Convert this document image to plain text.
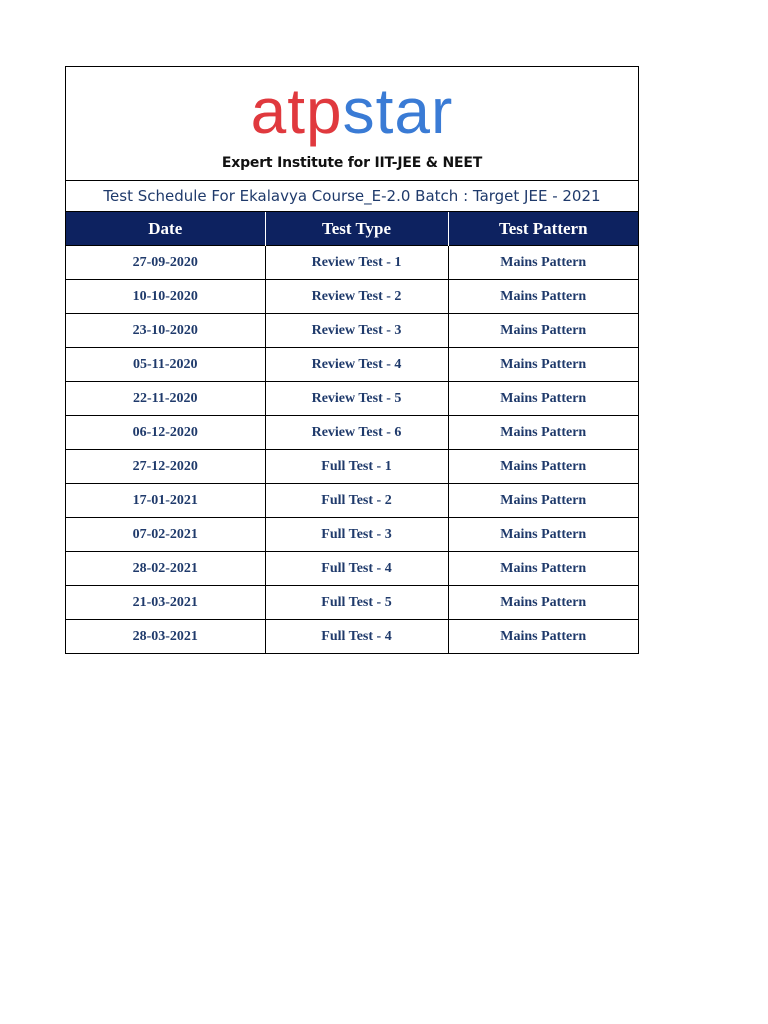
atpstar
Expert Institute for IIT-JEE & NEET
Test Schedule For Ekalavya Course_E-2.0 Batch : Target JEE - 2021
Date	Test Type	Test Pattern
27-09-2020	Review Test - 1	Mains Pattern
10-10-2020	Review Test - 2	Mains Pattern
23-10-2020	Review Test - 3	Mains Pattern
05-11-2020	Review Test - 4	Mains Pattern
22-11-2020	Review Test - 5	Mains Pattern
06-12-2020	Review Test - 6	Mains Pattern
27-12-2020	Full Test - 1	Mains Pattern
17-01-2021	Full Test - 2	Mains Pattern
07-02-2021	Full Test - 3	Mains Pattern
28-02-2021	Full Test - 4	Mains Pattern
21-03-2021	Full Test - 5	Mains Pattern
28-03-2021	Full Test - 4	Mains Pattern
